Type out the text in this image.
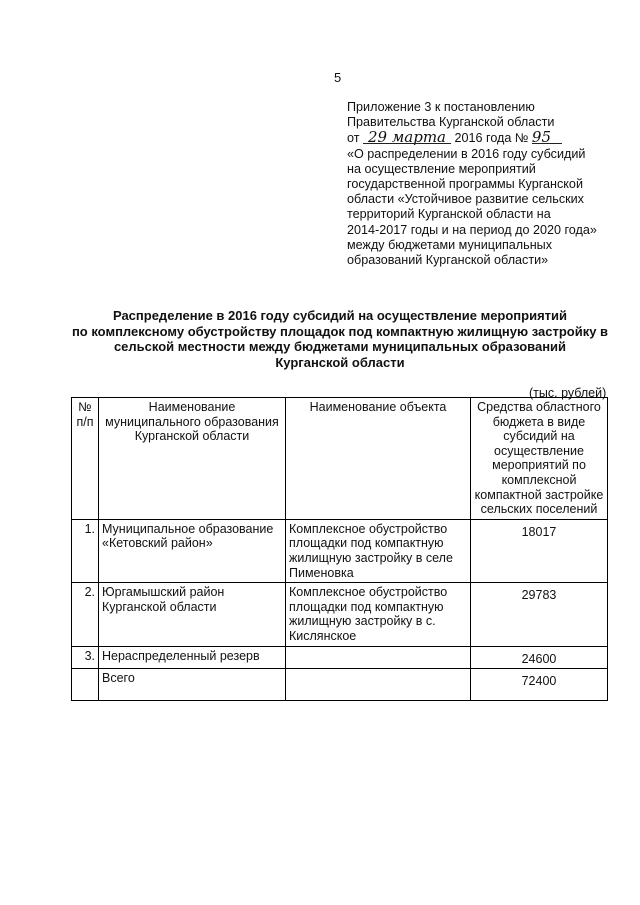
5
Приложение 3 к постановлению
Правительства Курганской области
от 29 марта 2016 года № 95
«О распределении в 2016 году субсидий
на осуществление мероприятий
государственной программы Курганской
области «Устойчивое развитие сельских
территорий Курганской области на
2014-2017 годы и на период до 2020 года»
между бюджетами муниципальных
образований Курганской области»
Распределение в 2016 году субсидий на осуществление мероприятий
по комплексному обустройству площадок под компактную жилищную застройку в
сельской местности между бюджетами муниципальных образований
Курганской области
(тыс. рублей)
№ п/п	Наименование муниципального образования Курганской области	Наименование объекта	Средства областного бюджета в виде субсидий на осуществление мероприятий по комплексной компактной застройке сельских поселений
1.	Муниципальное образование «Кетовский район»	Комплексное обустройство площадки под компактную жилищную застройку в селе Пименовка	18017

2.	Юргамышский район Курганской области	Комплексное обустройство площадки под компактную жилищную застройку в с. Кислянское	29783

3.	Нераспределенный резерв		24600

	Всего		72400
